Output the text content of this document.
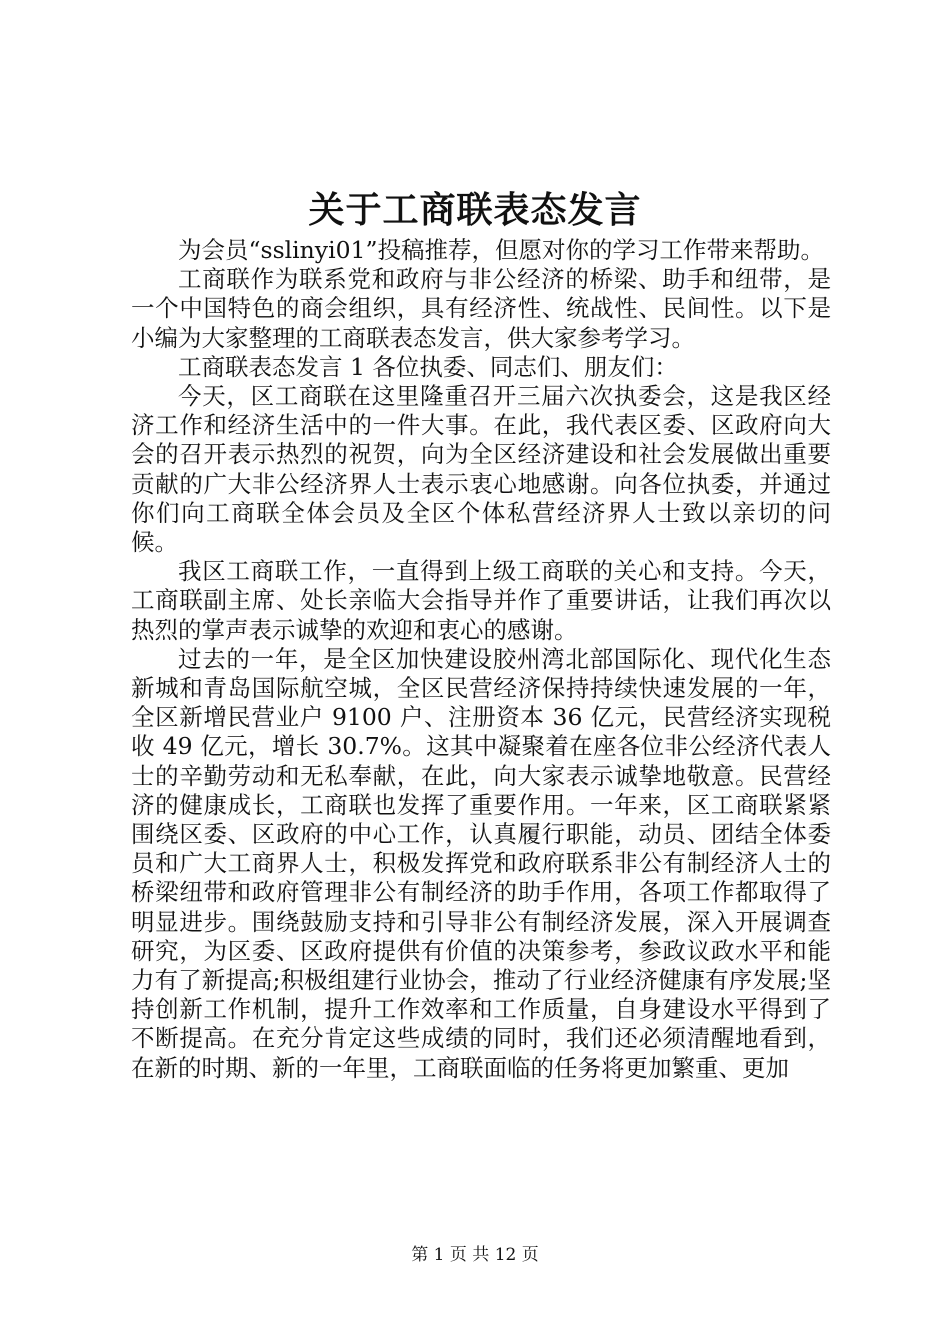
关于工商联表态发言

为会员“sslinyi01”投稿推荐，但愿对你的学习工作带来帮助。

工商联作为联系党和政府与非公经济的桥梁、助手和纽带，是一个中国特色的商会组织，具有经济性、统战性、民间性。以下是小编为大家整理的工商联表态发言，供大家参考学习。

工商联表态发言 1 各位执委、同志们、朋友们：

今天，区工商联在这里隆重召开三届六次执委会，这是我区经济工作和经济生活中的一件大事。在此，我代表区委、区政府向大会的召开表示热烈的祝贺，向为全区经济建设和社会发展做出重要贡献的广大非公经济界人士表示衷心地感谢。向各位执委，并通过你们向工商联全体会员及全区个体私营经济界人士致以亲切的问候。

我区工商联工作，一直得到上级工商联的关心和支持。今天，工商联副主席、处长亲临大会指导并作了重要讲话，让我们再次以热烈的掌声表示诚挚的欢迎和衷心的感谢。

过去的一年，是全区加快建设胶州湾北部国际化、现代化生态新城和青岛国际航空城，全区民营经济保持持续快速发展的一年，全区新增民营业户 9100 户、注册资本 36 亿元，民营经济实现税收 49 亿元，增长 30.7%。这其中凝聚着在座各位非公经济代表人士的辛勤劳动和无私奉献，在此，向大家表示诚挚地敬意。民营经济的健康成长，工商联也发挥了重要作用。一年来，区工商联紧紧围绕区委、区政府的中心工作，认真履行职能，动员、团结全体委员和广大工商界人士，积极发挥党和政府联系非公有制经济人士的桥梁纽带和政府管理非公有制经济的助手作用，各项工作都取得了明显进步。围绕鼓励支持和引导非公有制经济发展，深入开展调查研究，为区委、区政府提供有价值的决策参考，参政议政水平和能力有了新提高;积极组建行业协会，推动了行业经济健康有序发展;坚持创新工作机制，提升工作效率和工作质量，自身建设水平得到了不断提高。在充分肯定这些成绩的同时，我们还必须清醒地看到，在新的时期、新的一年里，工商联面临的任务将更加繁重、更加

第 1 页 共 12 页
